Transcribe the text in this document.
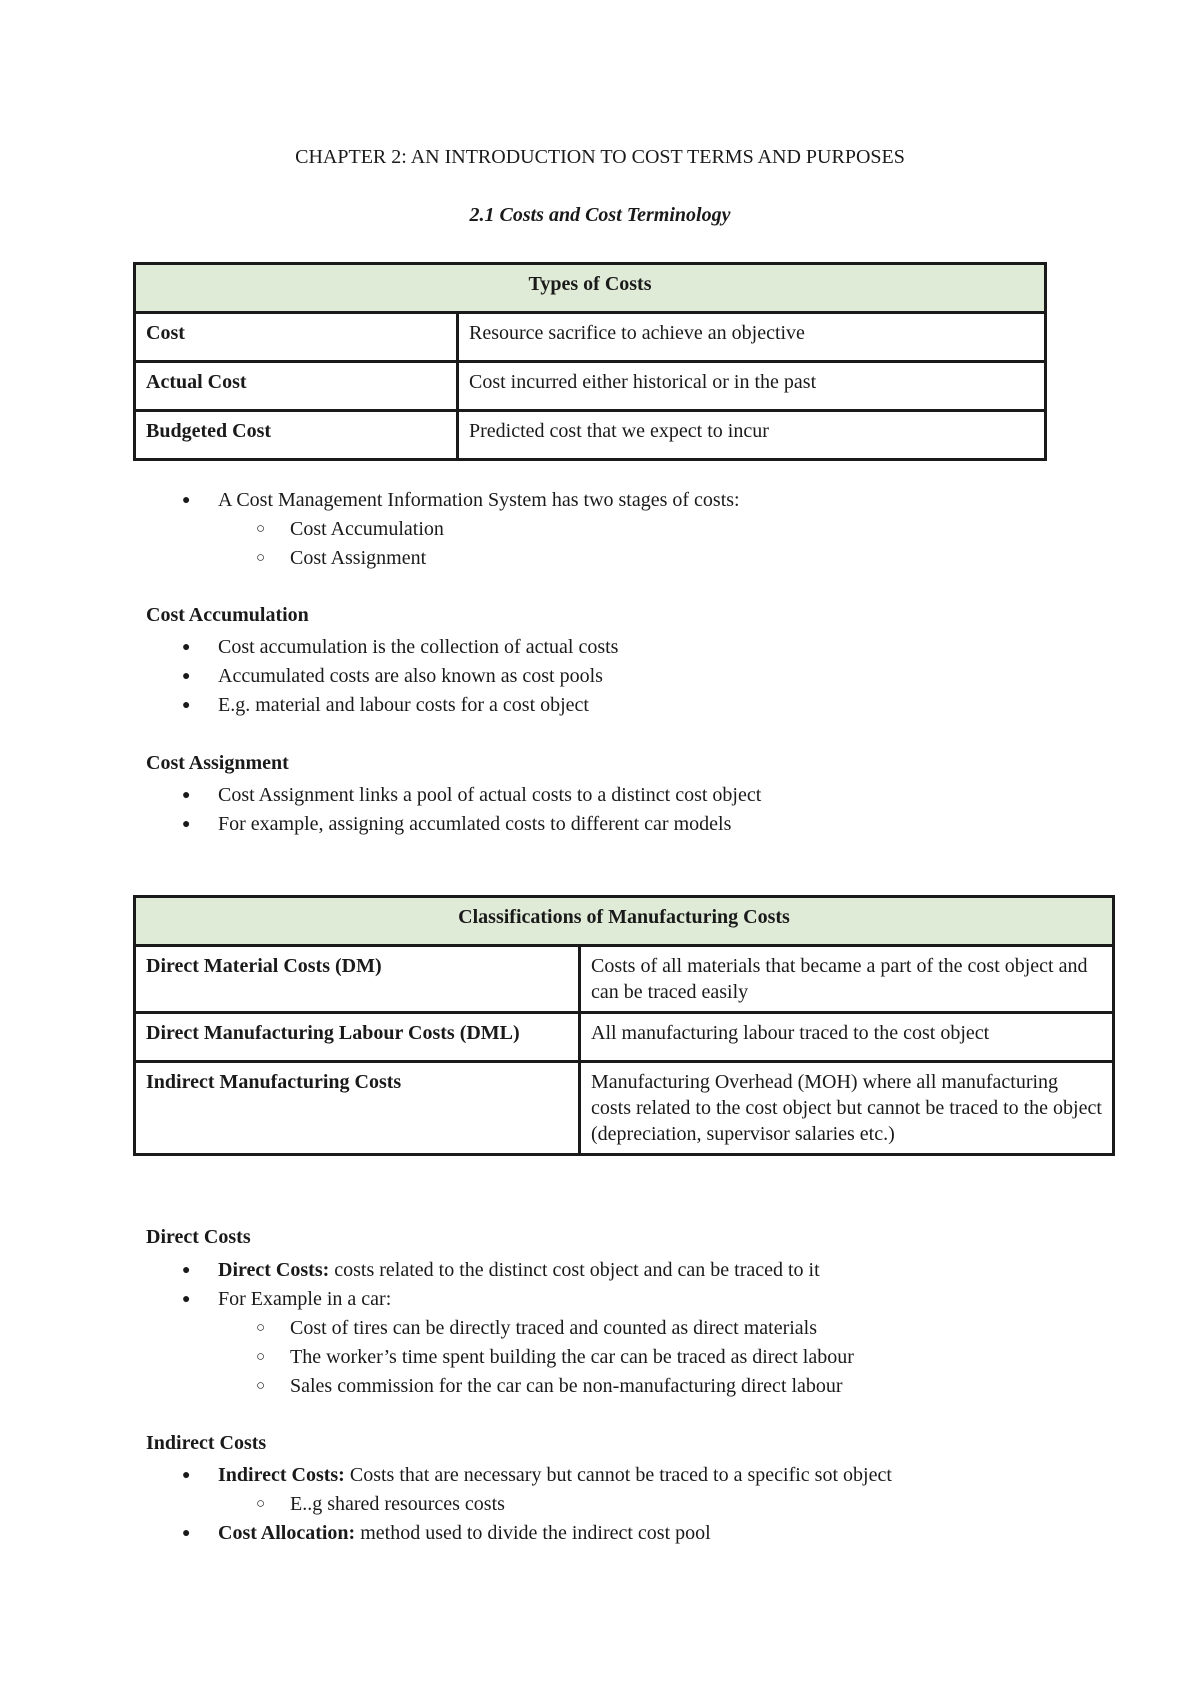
CHAPTER 2: AN INTRODUCTION TO COST TERMS AND PURPOSES
2.1 Costs and Cost Terminology
Types of Costs	
Cost	Resource sacrifice to achieve an objective
Actual Cost	Cost incurred either historical or in the past
Budgeted Cost	Predicted cost that we expect to incur
● A Cost Management Information System has two stages of costs:
○ Cost Accumulation
○ Cost Assignment
Cost Accumulation
● Cost accumulation is the collection of actual costs
● Accumulated costs are also known as cost pools
● E.g. material and labour costs for a cost object
Cost Assignment
● Cost Assignment links a pool of actual costs to a distinct cost object
● For example, assigning accumlated costs to different car models
Classifications of Manufacturing Costs	
Direct Material Costs (DM)	Costs of all materials that became a part of the cost object and can be traced easily
Direct Manufacturing Labour Costs (DML)	All manufacturing labour traced to the cost object
Indirect Manufacturing Costs	Manufacturing Overhead (MOH) where all manufacturing costs related to the cost object but cannot be traced to the object (depreciation, supervisor salaries etc.)
Direct Costs
● Direct Costs: costs related to the distinct cost object and can be traced to it
● For Example in a car:
○ Cost of tires can be directly traced and counted as direct materials
○ The worker’s time spent building the car can be traced as direct labour
○ Sales commission for the car can be non-manufacturing direct labour
Indirect Costs
● Indirect Costs: Costs that are necessary but cannot be traced to a specific sot object
○ E..g shared resources costs
● Cost Allocation: method used to divide the indirect cost pool
